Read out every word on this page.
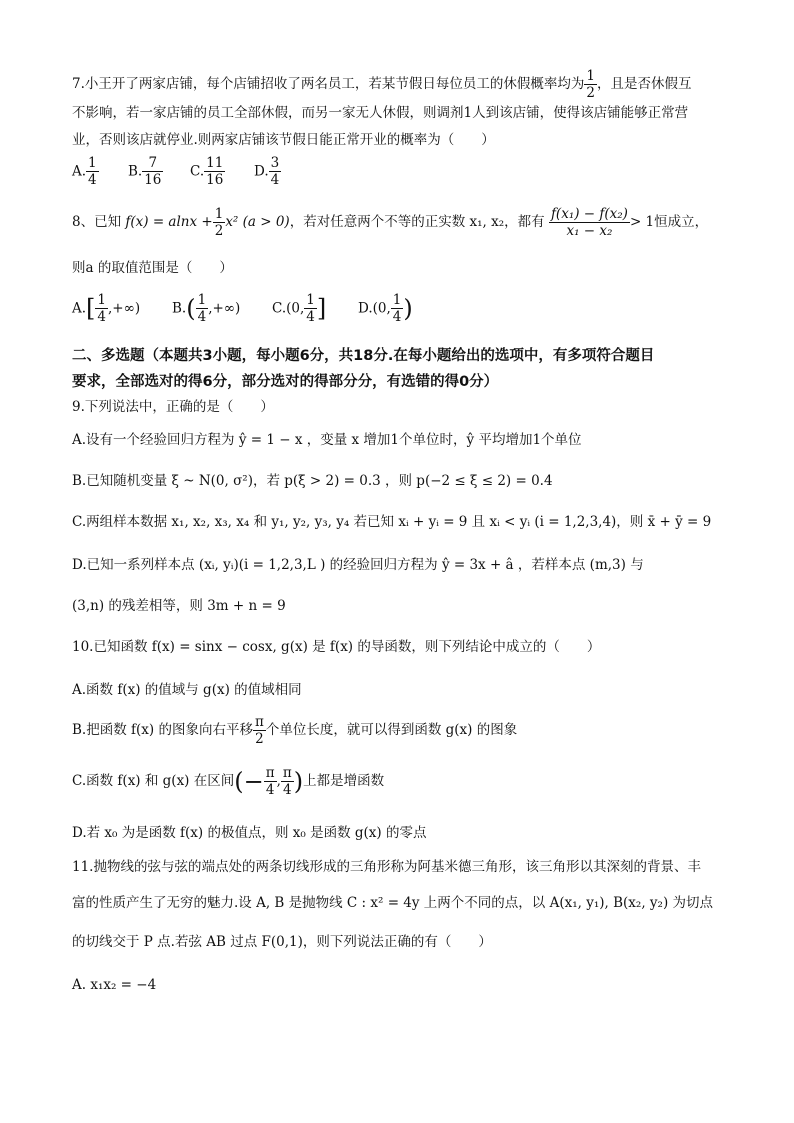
7.小王开了两家店铺，每个店铺招收了两名员工，若某节假日每位员工的休假概率均为 $\frac{1}{2}$ ，且是否休假互
不影响，若一家店铺的员工全部休假，而另一家无人休假，则调剂1人到该店铺，使得该店铺能够正常营
业，否则该店就停业.则两家店铺该节假日能正常开业的概率为（　　）
A. $\frac{1}{4} B$. $\frac{7}{16} C$. $\frac{11}{16} D$. $\frac{3}{4}$
8、已知 $f(x) = alnx + \frac{1}{2} x^2$ (a > 0)，若对任意两个不等的正实数 x₁, x₂，都有 $\frac{\text{f(x₁) − f(x₂)}}{\text{x₁ − x₂}} > 1$恒成立，
则a 的取值范围是（　　）
$A.[ \frac{1}{4}$ ,+∞) $B.( \frac{1}{4}$ ,+∞) C.(0, $\frac{1}{4}$ ] D.(0, $\frac{1}{4}$ )
二、多选题（本题共3小题，每小题6分，共18分.在每小题给出的选项中，有多项符合题目
要求，全部选对的得6分，部分选对的得部分分，有选错的得0分）
9.下列说法中，正确的是（　　）
A.设有一个经验回归方程为 ŷ = 1 − x ，变量 x 增加1个单位时，ŷ 平均增加1个单位
B.已知随机变量 ξ ~ N(0, σ²)，若 p(ξ > 2) = 0.3 ，则 p(−2 ≤ ξ ≤ 2) = 0.4
C.两组样本数据 x₁, x₂, x₃, x₄ 和 y₁, y₂, y₃, y₄ 若已知 xᵢ + yᵢ = 9 且 xᵢ < yᵢ (i = 1,2,3,4)，则 x̄ + ȳ = 9
D.已知一系列样本点 (xᵢ, yᵢ)(i = 1,2,3,L ) 的经验回归方程为 ŷ = 3x + â ，若样本点 (m,3) 与
(3,n) 的残差相等，则 3m + n = 9
10.已知函数 f(x) = sinx − cosx, g(x) 是 f(x) 的导函数，则下列结论中成立的（　　）
A.函数 f(x) 的值域与 g(x) 的值域相同
B.把函数 f(x) 的图象向右平移 $\frac{\pi}{2}$ 个单位长度，就可以得到函数 g(x) 的图象
C.函数 f(x) 和 g(x) 在区间(− $\frac{\pi}{4}$ , $\frac{\pi}{4}$ )上都是增函数
D.若 x₀ 为是函数 f(x) 的极值点，则 x₀ 是函数 g(x) 的零点
11.抛物线的弦与弦的端点处的两条切线形成的三角形称为阿基米德三角形，该三角形以其深刻的背景、丰
富的性质产生了无穷的魅力.设 A, B 是抛物线 C : x² = 4y 上两个不同的点，以 A(x₁, y₁), B(x₂, y₂) 为切点
的切线交于 P 点.若弦 AB 过点 F(0,1)，则下列说法正确的有（　　）
A. x₁x₂ = −4
